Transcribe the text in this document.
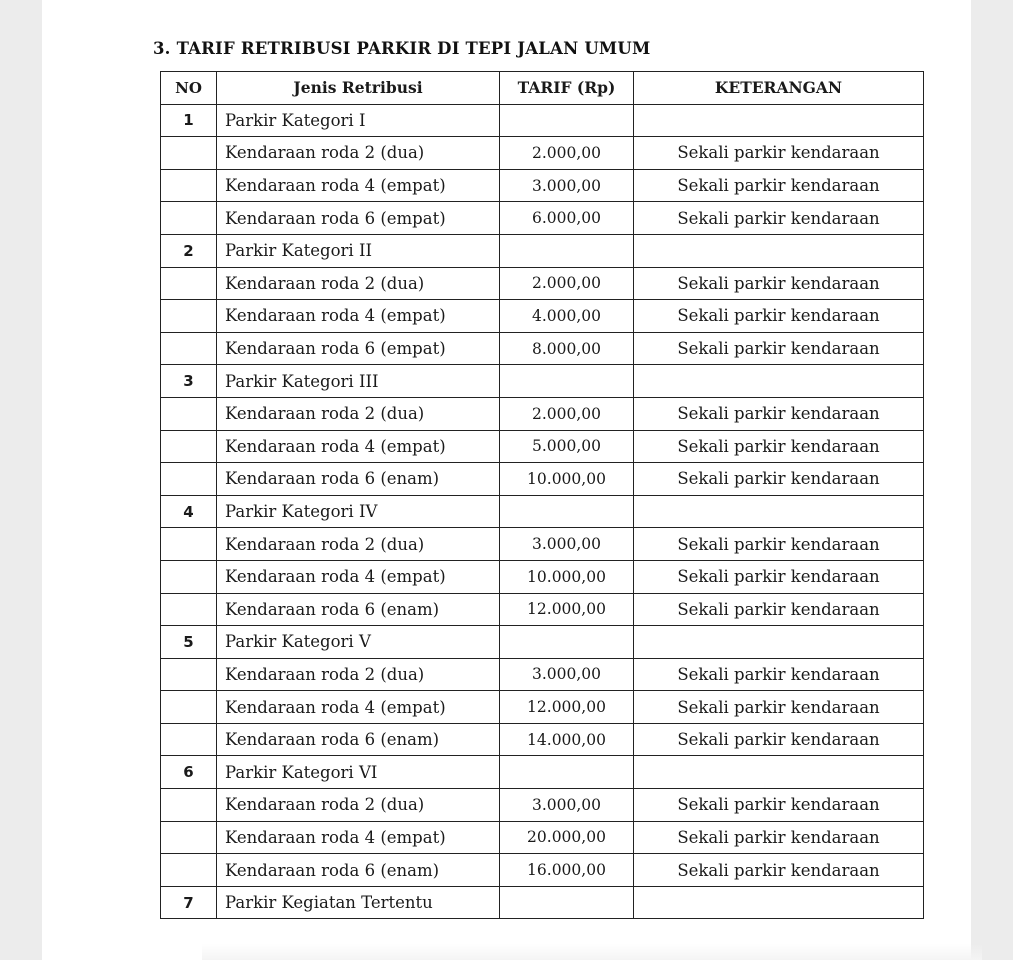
3. TARIF RETRIBUSI PARKIR DI TEPI JALAN UMUM
NO	Jenis Retribusi	TARIF (Rp)	KETERANGAN
1	Parkir Kategori I		
	Kendaraan roda 2 (dua)	2.000,00	Sekali parkir kendaraan
	Kendaraan roda 4 (empat)	3.000,00	Sekali parkir kendaraan
	Kendaraan roda 6 (empat)	6.000,00	Sekali parkir kendaraan
2	Parkir Kategori II		
	Kendaraan roda 2 (dua)	2.000,00	Sekali parkir kendaraan
	Kendaraan roda 4 (empat)	4.000,00	Sekali parkir kendaraan
	Kendaraan roda 6 (empat)	8.000,00	Sekali parkir kendaraan
3	Parkir Kategori III		
	Kendaraan roda 2 (dua)	2.000,00	Sekali parkir kendaraan
	Kendaraan roda 4 (empat)	5.000,00	Sekali parkir kendaraan
	Kendaraan roda 6 (enam)	10.000,00	Sekali parkir kendaraan
4	Parkir Kategori IV		
	Kendaraan roda 2 (dua)	3.000,00	Sekali parkir kendaraan
	Kendaraan roda 4 (empat)	10.000,00	Sekali parkir kendaraan
	Kendaraan roda 6 (enam)	12.000,00	Sekali parkir kendaraan
5	Parkir Kategori V		
	Kendaraan roda 2 (dua)	3.000,00	Sekali parkir kendaraan
	Kendaraan roda 4 (empat)	12.000,00	Sekali parkir kendaraan
	Kendaraan roda 6 (enam)	14.000,00	Sekali parkir kendaraan
6	Parkir Kategori VI		
	Kendaraan roda 2 (dua)	3.000,00	Sekali parkir kendaraan
	Kendaraan roda 4 (empat)	20.000,00	Sekali parkir kendaraan
	Kendaraan roda 6 (enam)	16.000,00	Sekali parkir kendaraan
7	Parkir Kegiatan Tertentu		
